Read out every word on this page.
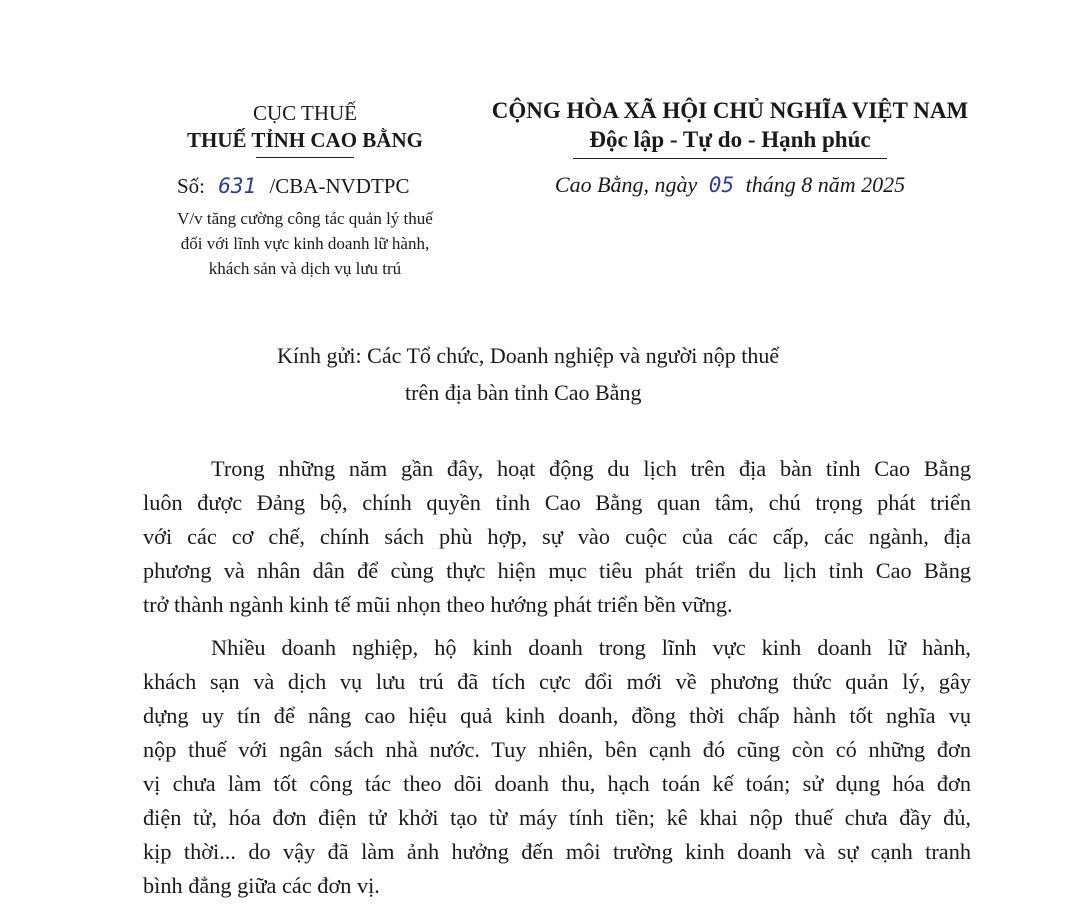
CỤC THUẾ
THUẾ TỈNH CAO BẰNG
Số: 631 /CBA-NVDTPC
V/v tăng cường công tác quản lý thuế
đối với lĩnh vực kinh doanh lữ hành,
khách sản và dịch vụ lưu trú
CỘNG HÒA XÃ HỘI CHỦ NGHĨA VIỆT NAM
Độc lập - Tự do - Hạnh phúc
Cao Bằng, ngày 05 tháng 8 năm 2025
Kính gửi: Các Tổ chức, Doanh nghiệp và người nộp thuế
trên địa bàn tỉnh Cao Bằng
Trong những năm gần đây, hoạt động du lịch trên địa bàn tỉnh Cao Bằng
luôn được Đảng bộ, chính quyền tỉnh Cao Bằng quan tâm, chú trọng phát triển
với các cơ chế, chính sách phù hợp, sự vào cuộc của các cấp, các ngành, địa
phương và nhân dân để cùng thực hiện mục tiêu phát triển du lịch tỉnh Cao Bằng
trở thành ngành kinh tế mũi nhọn theo hướng phát triển bền vững.
Nhiều doanh nghiệp, hộ kinh doanh trong lĩnh vực kinh doanh lữ hành,
khách sạn và dịch vụ lưu trú đã tích cực đổi mới về phương thức quản lý, gây
dựng uy tín để nâng cao hiệu quả kinh doanh, đồng thời chấp hành tốt nghĩa vụ
nộp thuế với ngân sách nhà nước. Tuy nhiên, bên cạnh đó cũng còn có những đơn
vị chưa làm tốt công tác theo dõi doanh thu, hạch toán kế toán; sử dụng hóa đơn
điện tử, hóa đơn điện tử khởi tạo từ máy tính tiền; kê khai nộp thuế chưa đầy đủ,
kịp thời... do vậy đã làm ảnh hưởng đến môi trường kinh doanh và sự cạnh tranh
bình đẳng giữa các đơn vị.
